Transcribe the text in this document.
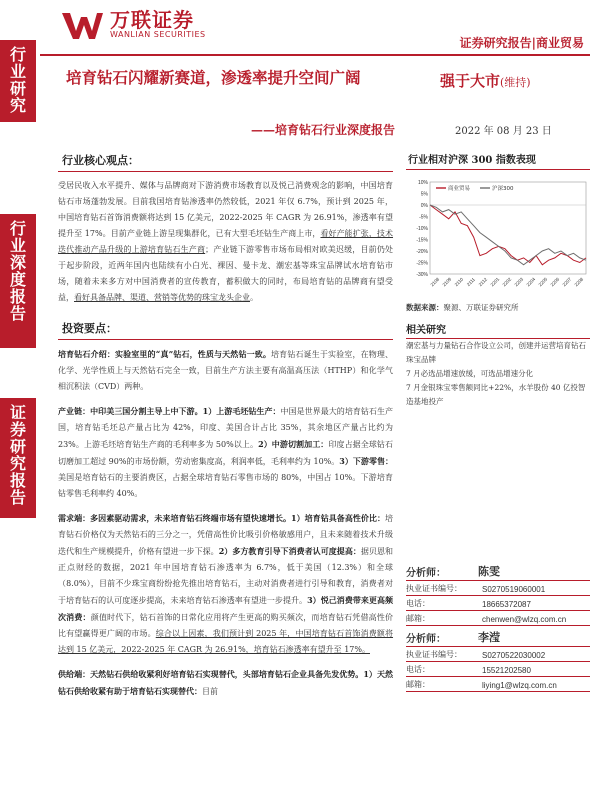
行
业
研
究
行
业
深
度
报
告
证
券
研
究
报
告
万联证券
WANLIAN SECURITIES
证券研究报告|商业贸易
培育钻石闪耀新赛道，渗透率提升空间广阔
——培育钻石行业深度报告
强于大市(维持)
2022 年 08 月 23 日
行业核心观点：

受居民收入水平提升、媒体与品牌商对下游消费市场教育以及悦己消费观念的影响，中国培育钻石市场蓬勃发展。目前我国培育钻渗透率仍然较低，2021 年仅 6.7%，预计到 2025 年，中国培育钻石首饰消费额将达到 15 亿美元，2022-2025 年 CAGR 为 26.91%，渗透率有望提升至 17%。目前产业链上游呈现集群化，已有大型毛坯钻生产商上市，看好产能扩张，技术迭代推动产品升级的上游培育钻石生产商；产业链下游零售市场布局相对欧美迟缓，目前仍处于起步阶段，近两年国内也陆续有小白光、裸因、曼卡龙、潮宏基等珠宝品牌试水培育钻市场，随着未来多方对中国消费者的宣传教育，蓄积做大的同时，布局培育钻的品牌商有望受益，看好具备品牌、渠道、营销等优势的珠宝龙头企业。

投资要点：

培育钻石介绍：实验室里的“真”钻石，性质与天然钻一致。培育钻石诞生于实验室，在物理、化学、光学性质上与天然钻石完全一致，目前生产方法主要有高温高压法（HTHP）和化学气相沉积法（CVD）两种。

产业链：中印美三国分割主导上中下游。1）上游毛坯钻生产：中国是世界最大的培育钻石生产国，培育钻毛坯总产量占比为 42%，印度、美国合计占比 35%，其余地区产量占比约为 23%。上游毛坯培育钻生产商的毛利率多为 50%以上。2）中游切割加工：印度占据全球钻石切磨加工超过 90%的市场份额，劳动密集度高，利润率低，毛利率约为 10%。3）下游零售：美国是培育钻石的主要消费区，占据全球培育钻石零售市场的 80%，中国占 10%。下游培育钻零售毛利率约 40%。

需求端：多因素驱动需求，未来培育钻石终端市场有望快速增长。1）培育钻具备高性价比：培育钻石价格仅为天然钻石的三分之一，凭借高性价比吸引价格敏感用户，且未来随着技术升级迭代和生产规模提升，价格有望进一步下探。2）多方教育引导下消费者认可度提高：据贝恩和正点财经的数据，2021 年中国培育钻石渗透率为 6.7%，低于美国（12.3%）和全球（8.0%），目前不少珠宝商纷纷抢先推出培育钻石，主动对消费者进行引导和教育，消费者对于培育钻石的认可度逐步提高，未来培育钻石渗透率有望进一步提升。3）悦己消费带来更高频次消费：颜值时代下，钻石首饰的日常化应用将产生更高的购买频次，而培育钻石凭借高性价比有望赢得更广阔的市场。综合以上因素，我们预计到 2025 年，中国培育钻石首饰消费额将达到 15 亿美元，2022-2025 年 CAGR 为 26.91%，培育钻石渗透率有望升至 17%。

供给端：天然钻石供给收紧利好培育钻石实现替代，头部培育钻石企业具备先发优势。1）天然钻石供给收紧有助于培育钻石实现替代：目前

行业相对沪深 300 指数表现
10%
5%
0%
-5%
-10%
-15%
-20%
-25%
-30%
2108 2109 2110 2111 2112 2201 2202 2203 2204 2205 2206 2207 2208
商业贸易	沪深300
数据来源：聚源、万联证券研究所
相关研究
潮宏基与力量钻石合作设立公司，创建并运营培育钻石珠宝品牌
7 月必选品增速放缓，可选品增速分化
7 月金银珠宝零售额同比+22%，水羊股份 40 亿投智造基地投产
分析师：	陈雯
执业证书编号：	S0270519060001
电话：	18665372087
邮箱：	chenwen@wlzq.com.cn
分析师：	李滢
执业证书编号：	S0270522030002
电话：	15521202580
邮箱：	liying1@wlzq.com.cn
